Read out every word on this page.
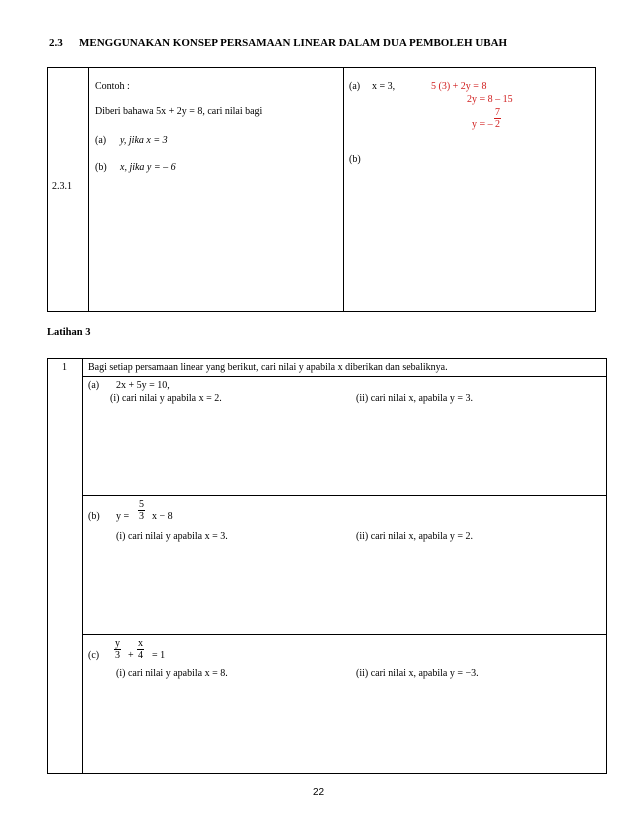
2.3 MENGGUNAKAN KONSEP PERSAMAAN LINEAR DALAM DUA PEMBOLEH UBAH
2.3.1
Contoh :
Diberi bahawa 5x + 2y = 8, cari nilai bagi
(a) y, jika x = 3
(b) x, jika y = – 6
(a) x = 3,	5 (3) + 2y = 8
2y = 8 – 15
y = – $\frac{7}{2}$
(b)
Latihan 3
1 Bagi setiap persamaan linear yang berikut, cari nilai y apabila x diberikan dan sebaliknya.
(a) 2x + 5y = 10,
(i) cari nilai y apabila x = 2.	(ii) cari nilai x, apabila y = 3.
(b) $y = \frac{5}{3}$ x − 8
(i) cari nilai y apabila x = 3.	(ii) cari nilai x, apabila y = 2.
$(c) \frac{y}{3} + \frac{x}{4} = 1$
(i) cari nilai y apabila x = 8.	(ii) cari nilai x, apabila y = −3.
22
